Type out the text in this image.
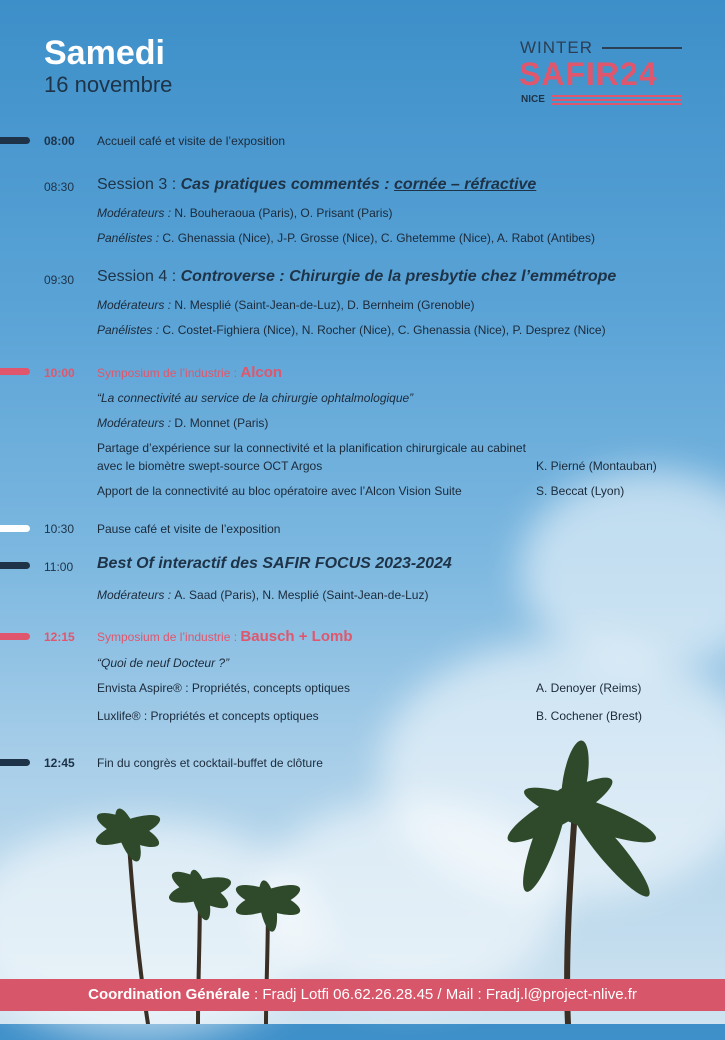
Samedi
16 novembre
WINTER
SAFIR24
NICE
08:00 Accueil café et visite de l’exposition
08:30 Session 3 : Cas pratiques commentés : cornée – réfractive
Modérateurs : N. Bouheraoua (Paris), O. Prisant (Paris)
Panélistes : C. Ghenassia (Nice), J-P. Grosse (Nice), C. Ghetemme (Nice), A. Rabot (Antibes)
09:30 Session 4 : Controverse : Chirurgie de la presbytie chez l’emmétrope
Modérateurs : N. Mesplié (Saint-Jean-de-Luz), D. Bernheim (Grenoble)
Panélistes : C. Costet-Fighiera (Nice), N. Rocher (Nice), C. Ghenassia (Nice), P. Desprez (Nice)
10:00 Symposium de l’industrie : Alcon
“La connectivité au service de la chirurgie ophtalmologique”
Modérateurs : D. Monnet (Paris)
Partage d’expérience sur la connectivité et la planification chirurgicale au cabinet
avec le biomètre swept-source OCT Argos	K. Pierné (Montauban)
Apport de la connectivité au bloc opératoire avec l’Alcon Vision Suite	S. Beccat (Lyon)
10:30 Pause café et visite de l’exposition
11:00 Best Of interactif des SAFIR FOCUS 2023-2024
Modérateurs : A. Saad (Paris), N. Mesplié (Saint-Jean-de-Luz)
12:15 Symposium de l’industrie : Bausch + Lomb
“Quoi de neuf Docteur ?”
Envista Aspire® : Propriétés, concepts optiques	A. Denoyer (Reims)
Luxlife® : Propriétés et concepts optiques	B. Cochener (Brest)
12:45 Fin du congrès et cocktail-buffet de clôture
Coordination Générale : Fradj Lotfi 06.62.26.28.45 / Mail : Fradj.l@project-nlive.fr
